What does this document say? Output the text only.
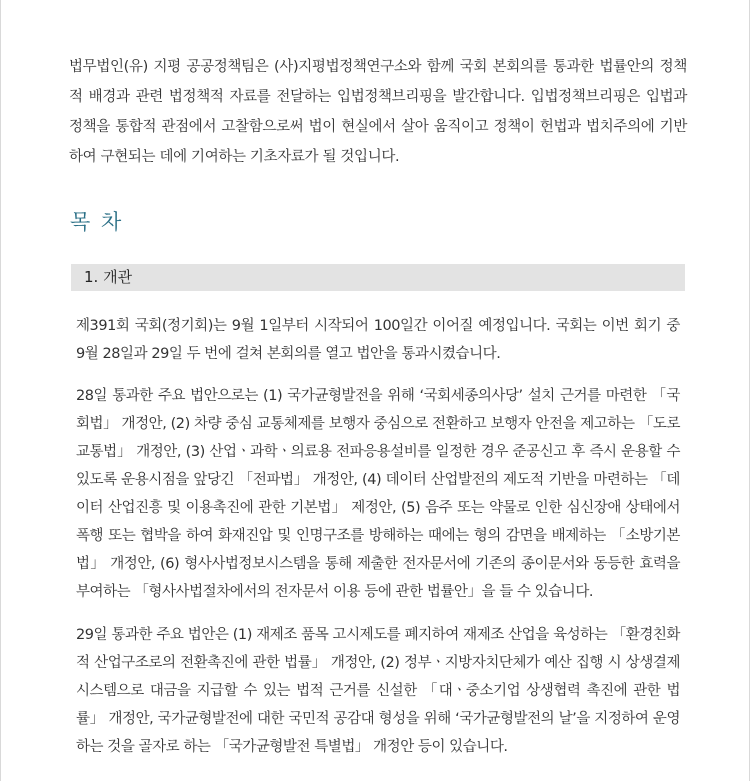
법무법인(유) 지평 공공정책팀은 (사)지평법정책연구소와 함께 국회 본회의를 통과한 법률안의 정책적 배경과 관련 법정책적 자료를 전달하는 입법정책브리핑을 발간합니다. 입법정책브리핑은 입법과 정책을 통합적 관점에서 고찰함으로써 법이 현실에서 살아 움직이고 정책이 헌법과 법치주의에 기반하여 구현되는 데에 기여하는 기초자료가 될 것입니다.

목 차
1. 개관

제391회 국회(정기회)는 9월 1일부터 시작되어 100일간 이어질 예정입니다. 국회는 이번 회기 중 9월 28일과 29일 두 번에 걸쳐 본회의를 열고 법안을 통과시켰습니다.

28일 통과한 주요 법안으로는 (1) 국가균형발전을 위해 ‘국회세종의사당’ 설치 근거를 마련한 「국회법」 개정안, (2) 차량 중심 교통체제를 보행자 중심으로 전환하고 보행자 안전을 제고하는 「도로교통법」 개정안, (3) 산업ㆍ과학ㆍ의료용 전파응용설비를 일정한 경우 준공신고 후 즉시 운용할 수 있도록 운용시점을 앞당긴 「전파법」 개정안, (4) 데이터 산업발전의 제도적 기반을 마련하는 「데이터 산업진흥 및 이용촉진에 관한 기본법」 제정안, (5) 음주 또는 약물로 인한 심신장애 상태에서 폭행 또는 협박을 하여 화재진압 및 인명구조를 방해하는 때에는 형의 감면을 배제하는 「소방기본법」 개정안, (6) 형사사법정보시스템을 통해 제출한 전자문서에 기존의 종이문서와 동등한 효력을 부여하는 「형사사법절차에서의 전자문서 이용 등에 관한 법률안」을 들 수 있습니다.

29일 통과한 주요 법안은 (1) 재제조 품목 고시제도를 폐지하여 재제조 산업을 육성하는 「환경친화적 산업구조로의 전환촉진에 관한 법률」 개정안, (2) 정부ㆍ지방자치단체가 예산 집행 시 상생결제 시스템으로 대금을 지급할 수 있는 법적 근거를 신설한 「대ㆍ중소기업 상생협력 촉진에 관한 법률」 개정안, 국가균형발전에 대한 국민적 공감대 형성을 위해 ‘국가균형발전의 날’을 지정하여 운영하는 것을 골자로 하는 「국가균형발전 특별법」 개정안 등이 있습니다.
